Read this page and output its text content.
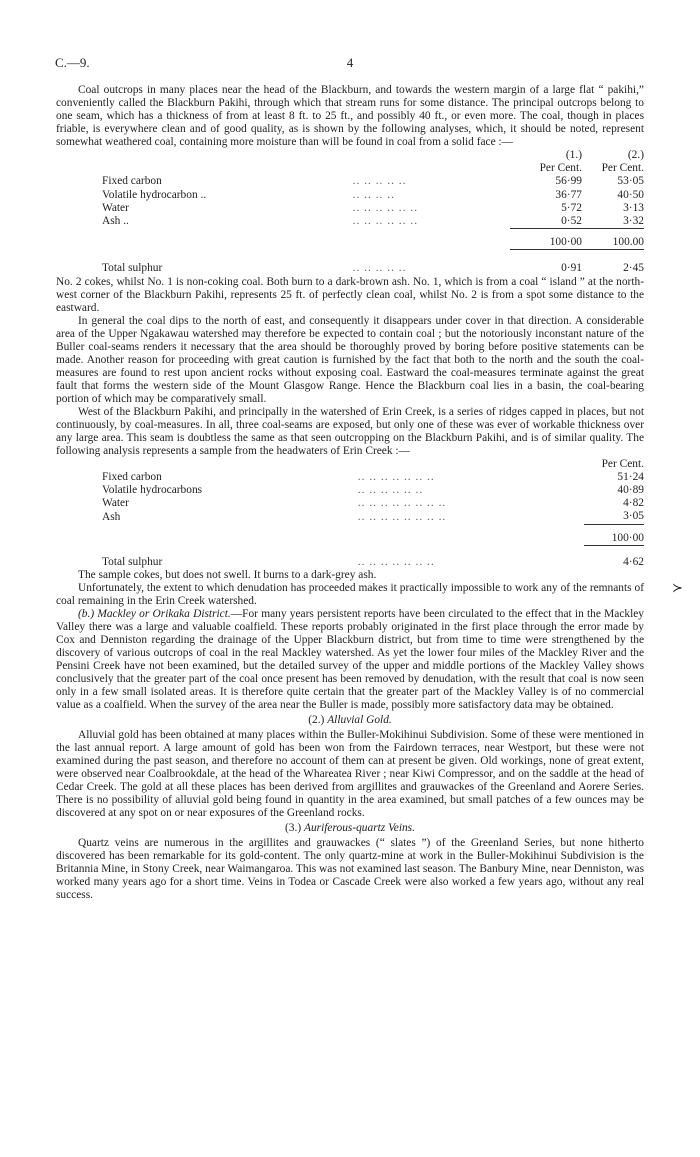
C.—9.	4

Coal outcrops in many places near the head of the Blackburn, and towards the western margin of a large flat “ pakihi,” conveniently called the Blackburn Pakihi, through which that stream runs for some distance. The principal outcrops belong to one seam, which has a thickness of from at least 8 ft. to 25 ft., and possibly 40 ft., or even more. The coal, though in places friable, is everywhere clean and of good quality, as is shown by the following analyses, which, it should be noted, represent somewhat weathered coal, containing more moisture than will be found in coal from a solid face :—

			(1.)	(2.)
			Per Cent.	Per Cent.
	Fixed carbon	.. .. .. .. ..	56·99	53·05
	Volatile hydrocarbon ..	.. .. .. ..	36·77	40·50
	Water	.. .. .. .. .. ..	5·72	3·13
	Ash ..	.. .. .. .. .. ..	0·52	3·32

			100·00	100.00

	Total sulphur	.. .. .. .. ..	0·91	2·45

No. 2 cokes, whilst No. 1 is non-coking coal. Both burn to a dark-brown ash. No. 1, which is from a coal “ island ” at the north-west corner of the Blackburn Pakihi, represents 25 ft. of perfectly clean coal, whilst No. 2 is from a spot some distance to the eastward.

In general the coal dips to the north of east, and consequently it disappears under cover in that direction. A considerable area of the Upper Ngakawau watershed may therefore be expected to contain coal ; but the notoriously inconstant nature of the Buller coal-seams renders it necessary that the area should be thoroughly proved by boring before positive statements can be made. Another reason for proceeding with great caution is furnished by the fact that both to the north and the south the coal-measures are found to rest upon ancient rocks without exposing coal. Eastward the coal-measures terminate against the great fault that forms the western side of the Mount Glasgow Range. Hence the Blackburn coal lies in a basin, the coal-bearing portion of which may be comparatively small.

West of the Blackburn Pakihi, and principally in the watershed of Erin Creek, is a series of ridges capped in places, but not continuously, by coal-measures. In all, three coal-seams are exposed, but only one of these was ever of workable thickness over any large area. This seam is doubtless the same as that seen outcropping on the Blackburn Pakihi, and is of similar quality. The following analysis represents a sample from the headwaters of Erin Creek :—

			Per Cent.
	Fixed carbon	.. .. .. .. .. .. ..	51·24
	Volatile hydrocarbons	.. .. .. .. .. ..	40·89
	Water	.. .. .. .. .. .. .. ..	4·82
	Ash	.. .. .. .. .. .. .. ..	3·05

			100·00

	Total sulphur	.. .. .. .. .. .. ..	4·62

The sample cokes, but does not swell. It burns to a dark-grey ash.

Unfortunately, the extent to which denudation has proceeded makes it practically impossible to work any of the remnants of coal remaining in the Erin Creek watershed.

(b.) Mackley or Orikaka District.—For many years persistent reports have been circulated to the effect that in the Mackley Valley there was a large and valuable coalfield. These reports probably originated in the first place through the error made by Cox and Denniston regarding the drainage of the Upper Blackburn district, but from time to time were strengthened by the discovery of various outcrops of coal in the real Mackley watershed. As yet the lower four miles of the Mackley River and the Pensini Creek have not been examined, but the detailed survey of the upper and middle portions of the Mackley Valley shows conclusively that the greater part of the coal once present has been removed by denudation, with the result that coal is now seen only in a few small isolated areas. It is therefore quite certain that the greater part of the Mackley Valley is of no commercial value as a coalfield. When the survey of the area near the Buller is made, possibly more satisfactory data may be obtained.

(2.) Alluvial Gold.

Alluvial gold has been obtained at many places within the Buller-Mokihinui Subdivision. Some of these were mentioned in the last annual report. A large amount of gold has been won from the Fairdown terraces, near Westport, but these were not examined during the past season, and therefore no account of them can at present be given. Old workings, none of great extent, were observed near Coalbrookdale, at the head of the Whareatea River ; near Kiwi Compressor, and on the saddle at the head of Cedar Creek. The gold at all these places has been derived from argillites and grauwackes of the Greenland and Aorere Series. There is no possibility of alluvial gold being found in quantity in the area examined, but small patches of a few ounces may be discovered at any spot on or near exposures of the Greenland rocks.

(3.) Auriferous-quartz Veins.

Quartz veins are numerous in the argillites and grauwackes (“ slates ”) of the Greenland Series, but none hitherto discovered has been remarkable for its gold-content. The only quartz-mine at work in the Buller-Mokihinui Subdivision is the Britannia Mine, in Stony Creek, near Waimangaroa. This was not examined last season. The Banbury Mine, near Denniston, was worked many years ago for a short time. Veins in Todea or Cascade Creek were also worked a few years ago, without any real success.

≻
